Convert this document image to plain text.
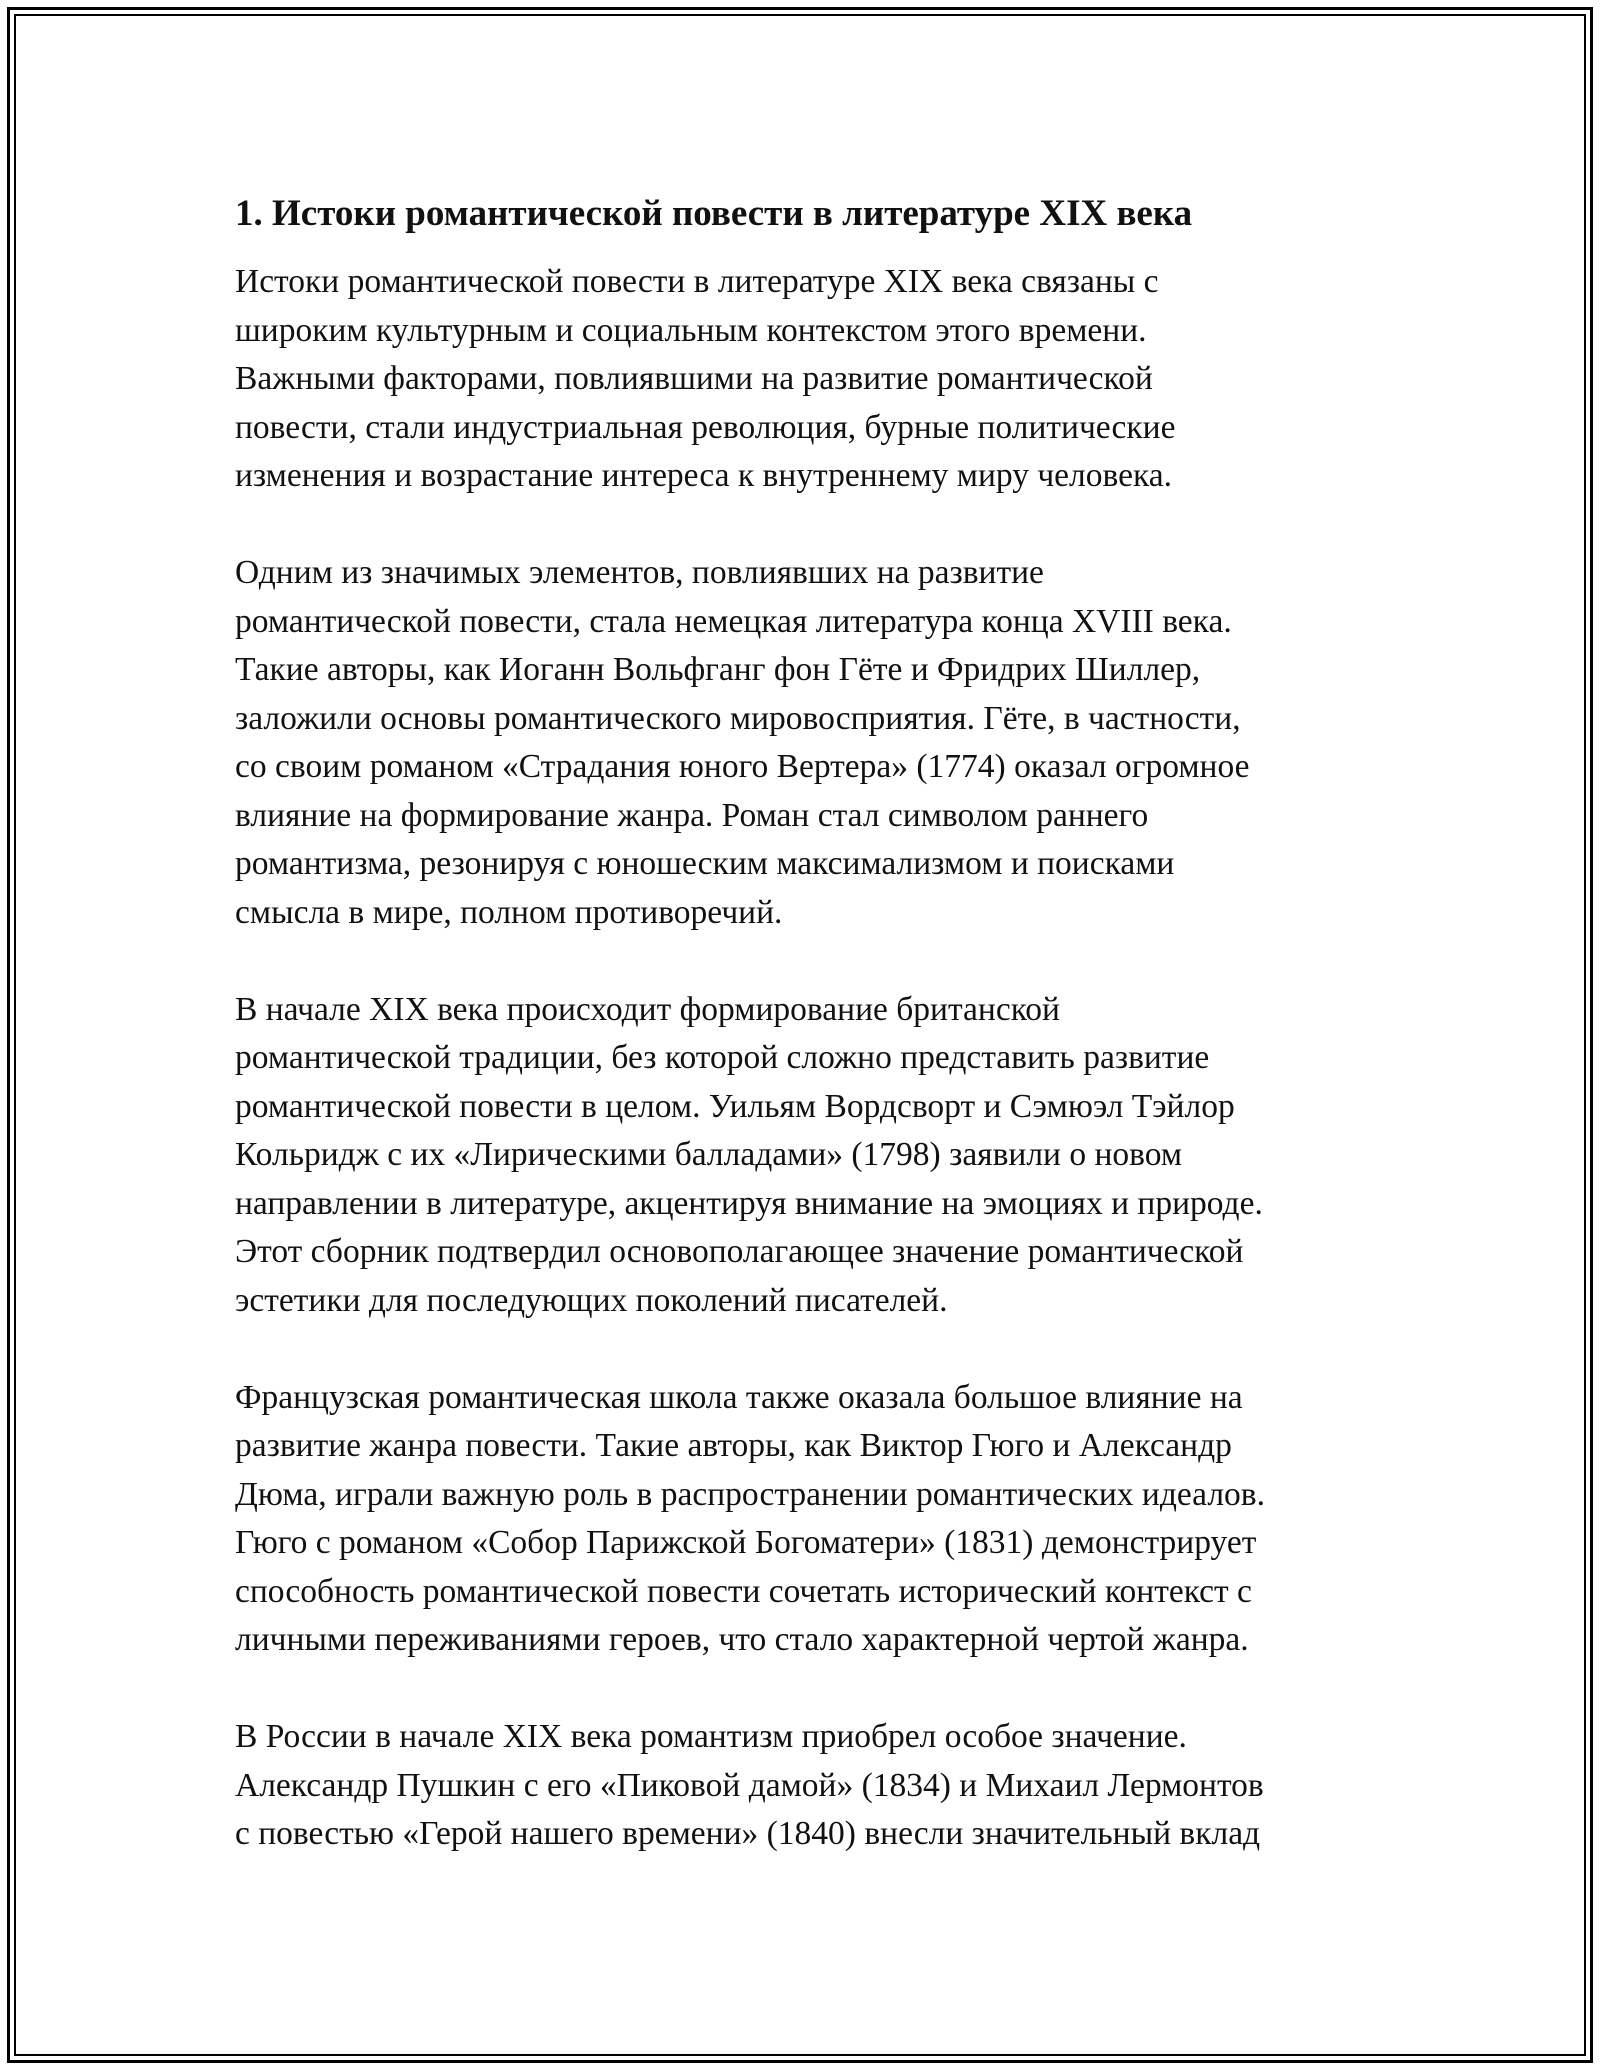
1. Истоки романтической повести в литературе XIX века
Истоки романтической повести в литературе XIX века связаны с
широким культурным и социальным контекстом этого времени.
Важными факторами, повлиявшими на развитие романтической
повести, стали индустриальная революция, бурные политические
изменения и возрастание интереса к внутреннему миру человека.
Одним из значимых элементов, повлиявших на развитие
романтической повести, стала немецкая литература конца XVIII века.
Такие авторы, как Иоганн Вольфганг фон Гёте и Фридрих Шиллер,
заложили основы романтического мировосприятия. Гёте, в частности,
со своим романом «Страдания юного Вертера» (1774) оказал огромное
влияние на формирование жанра. Роман стал символом раннего
романтизма, резонируя с юношеским максимализмом и поисками
смысла в мире, полном противоречий.
В начале XIX века происходит формирование британской
романтической традиции, без которой сложно представить развитие
романтической повести в целом. Уильям Вордсворт и Сэмюэл Тэйлор
Кольридж с их «Лирическими балладами» (1798) заявили о новом
направлении в литературе, акцентируя внимание на эмоциях и природе.
Этот сборник подтвердил основополагающее значение романтической
эстетики для последующих поколений писателей.
Французская романтическая школа также оказала большое влияние на
развитие жанра повести. Такие авторы, как Виктор Гюго и Александр
Дюма, играли важную роль в распространении романтических идеалов.
Гюго с романом «Собор Парижской Богоматери» (1831) демонстрирует
способность романтической повести сочетать исторический контекст с
личными переживаниями героев, что стало характерной чертой жанра.
В России в начале XIX века романтизм приобрел особое значение.
Александр Пушкин с его «Пиковой дамой» (1834) и Михаил Лермонтов
с повестью «Герой нашего времени» (1840) внесли значительный вклад
